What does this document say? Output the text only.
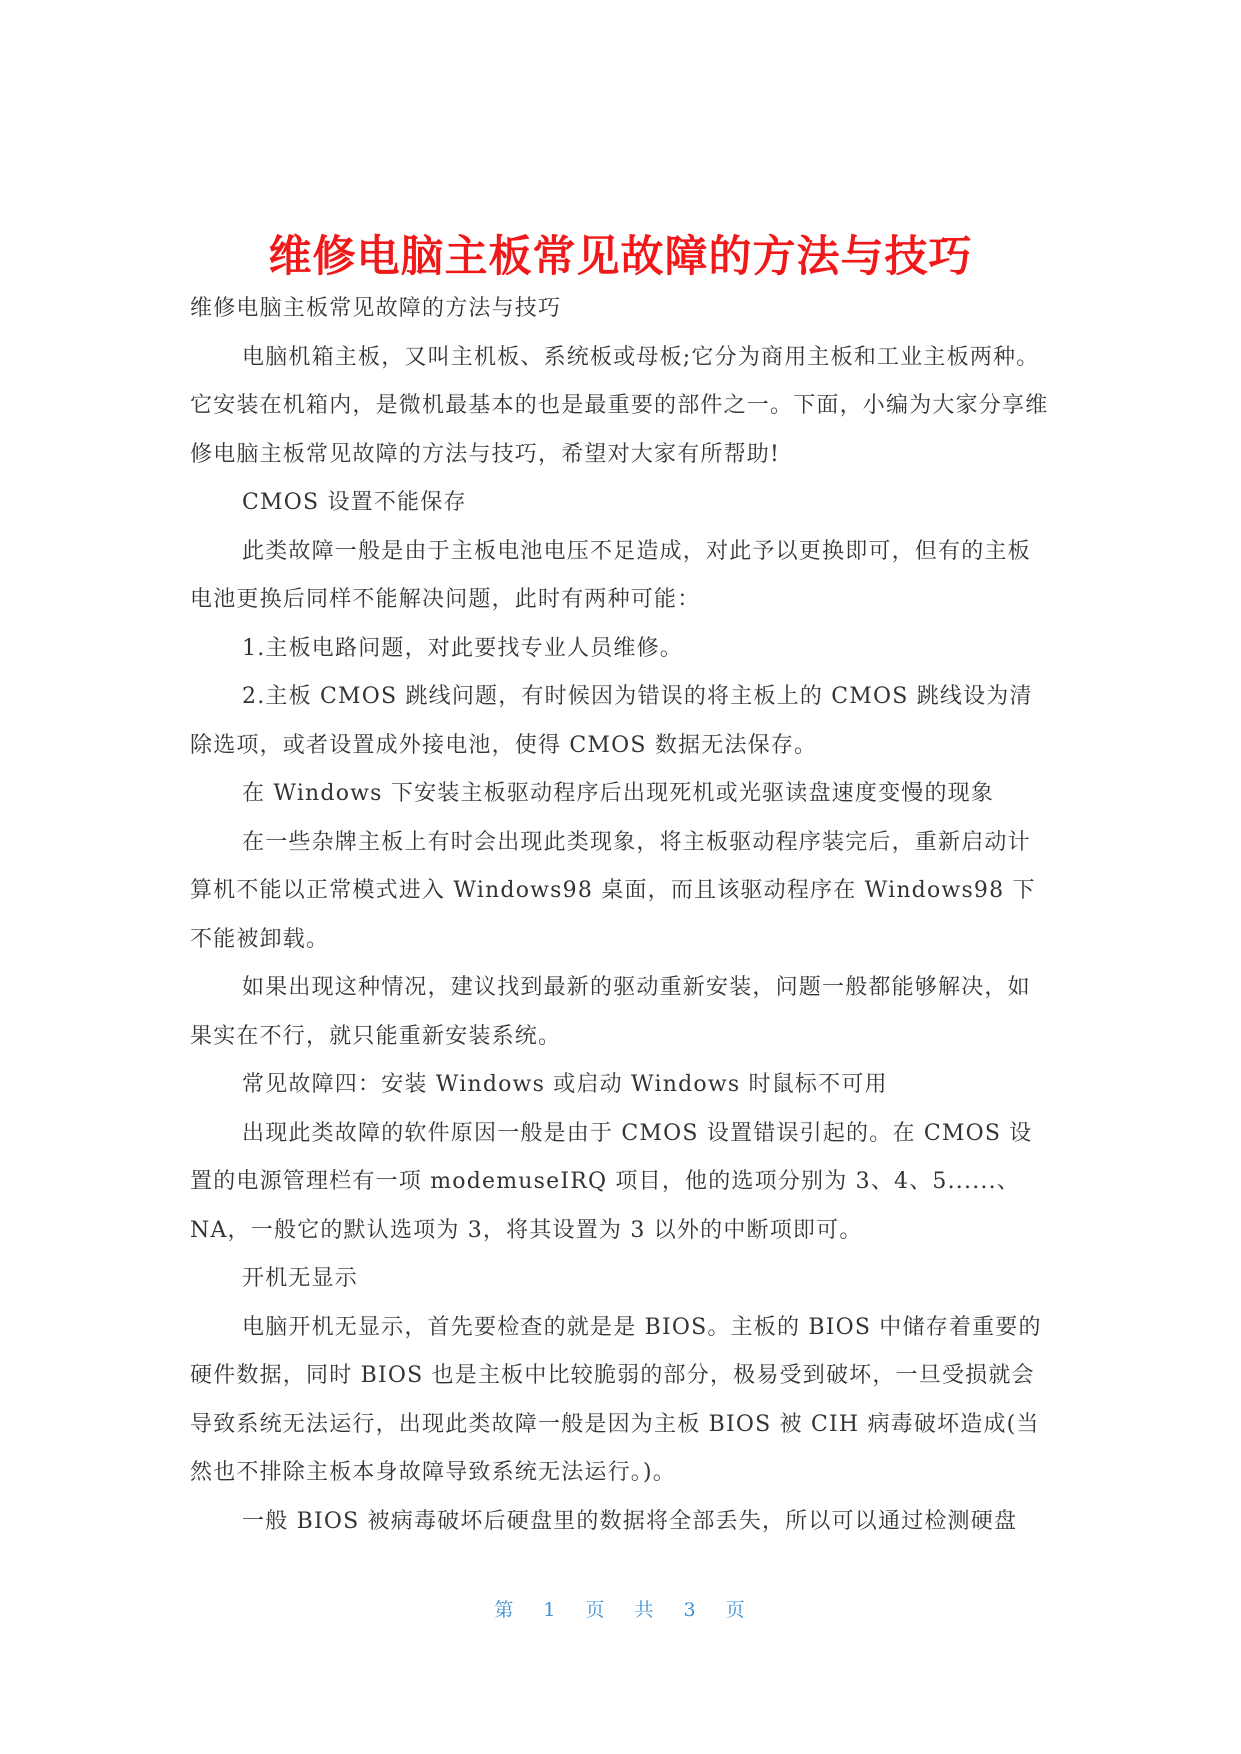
维修电脑主板常见故障的方法与技巧

维修电脑主板常见故障的方法与技巧

电脑机箱主板，又叫主机板、系统板或母板;它分为商用主板和工业主板两种。它安装在机箱内，是微机最基本的也是最重要的部件之一。下面，小编为大家分享维修电脑主板常见故障的方法与技巧，希望对大家有所帮助!

CMOS 设置不能保存

此类故障一般是由于主板电池电压不足造成，对此予以更换即可，但有的主板电池更换后同样不能解决问题，此时有两种可能：

1.主板电路问题，对此要找专业人员维修。

2.主板 CMOS 跳线问题，有时候因为错误的将主板上的 CMOS 跳线设为清除选项，或者设置成外接电池，使得 CMOS 数据无法保存。

在 Windows 下安装主板驱动程序后出现死机或光驱读盘速度变慢的现象

在一些杂牌主板上有时会出现此类现象，将主板驱动程序装完后，重新启动计算机不能以正常模式进入 Windows98 桌面，而且该驱动程序在 Windows98 下不能被卸载。

如果出现这种情况，建议找到最新的驱动重新安装，问题一般都能够解决，如果实在不行，就只能重新安装系统。

常见故障四：安装 Windows 或启动 Windows 时鼠标不可用

出现此类故障的软件原因一般是由于 CMOS 设置错误引起的。在 CMOS 设置的电源管理栏有一项 modemuseIRQ 项目，他的选项分别为 3、4、5......、NA，一般它的默认选项为 3，将其设置为 3 以外的中断项即可。

开机无显示

电脑开机无显示，首先要检查的就是是 BIOS。主板的 BIOS 中储存着重要的硬件数据，同时 BIOS 也是主板中比较脆弱的部分，极易受到破坏，一旦受损就会导致系统无法运行，出现此类故障一般是因为主板 BIOS 被 CIH 病毒破坏造成(当然也不排除主板本身故障导致系统无法运行。)。

一般 BIOS 被病毒破坏后硬盘里的数据将全部丢失，所以可以通过检测硬盘

第 1 页 共 3 页
